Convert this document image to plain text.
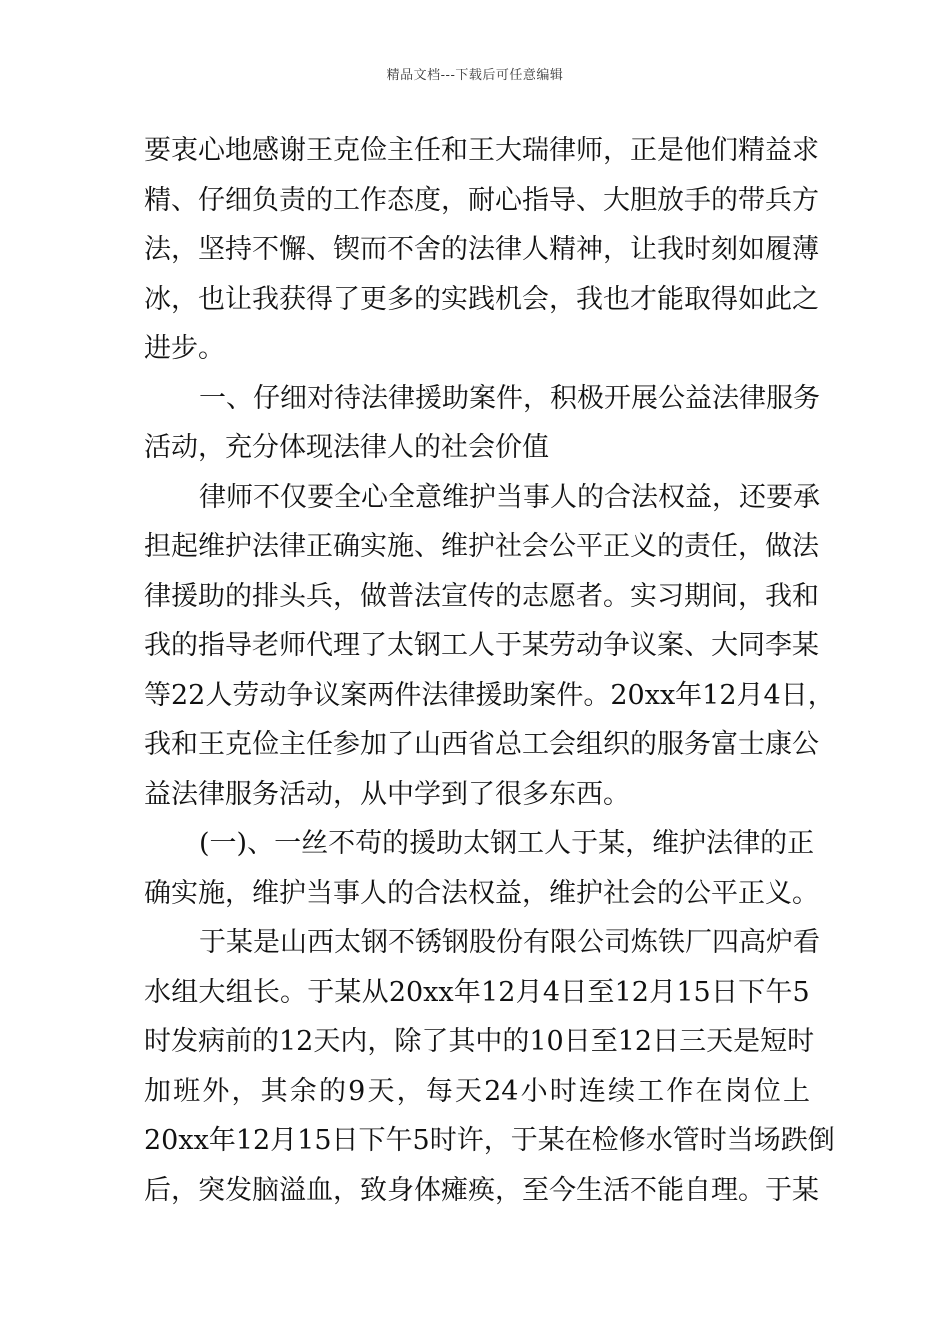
精品文档---下载后可任意编辑
要 衷 心 地 感 谢 王 克 俭 主 任 和 王 大 瑞 律 师 ， 正 是 他 们 精 益 求
精 、 仔 细 负 责 的 工 作 态 度 ， 耐 心 指 导 、 大 胆 放 手 的 带 兵 方
法 ， 坚 持 不 懈 、 锲 而 不 舍 的 法 律 人 精 神 ， 让 我 时 刻 如 履 薄
冰 ， 也 让 我 获 得 了 更 多 的 实 践 机 会 ， 我 也 才 能 取 得 如 此 之
进步。
一 、 仔 细 对 待 法 律 援 助 案 件 ， 积 极 开 展 公 益 法 律 服 务
活动，充分体现法律人的社会价值
律 师 不 仅 要 全 心 全 意 维 护 当 事 人 的 合 法 权 益 ， 还 要 承
担 起 维 护 法 律 正 确 实 施 、 维 护 社 会 公 平 正 义 的 责 任 ， 做 法
律 援 助 的 排 头 兵 ， 做 普 法 宣 传 的 志 愿 者 。 实 习 期 间 ， 我 和
我 的 指 导 老 师 代 理 了 太 钢 工 人 于 某 劳 动 争 议 案 、 大 同 李 某
等 22 人 劳 动 争 议 案 两 件 法 律 援 助 案 件 。 20xx 年 12 月 4 日 ，
我 和 王 克 俭 主 任 参 加 了 山 西 省 总 工 会 组 织 的 服 务 富 士 康 公
益法律服务活动，从中学到了很多东西。
( 一 ) 、 一 丝 不 苟 的 援 助 太 钢 工 人 于 某 ， 维 护 法 律 的 正
确实施，维护当事人的合法权益，维护社会的公平正义。
于 某 是 山 西 太 钢 不 锈 钢 股 份 有 限 公 司 炼 铁 厂 四 高 炉 看
水 组 大 组 长 。 于 某 从 20xx 年 12 月 4 日 至 12 月 15 日 下 午 5
时 发 病 前 的 12 天 内 ， 除 了 其 中 的 10 日 至 12 日 三 天 是 短 时
加 班 外 ， 其 余 的 9 天 ， 每 天 24 小 时 连 续 工 作 在 岗 位 上
20xx 年 12 月 15 日 下 午 5 时 许 ， 于 某 在 检 修 水 管 时 当 场 跌 倒
后 ， 突 发 脑 溢 血 ， 致 身 体 瘫 痪 ， 至 今 生 活 不 能 自 理 。 于 某
